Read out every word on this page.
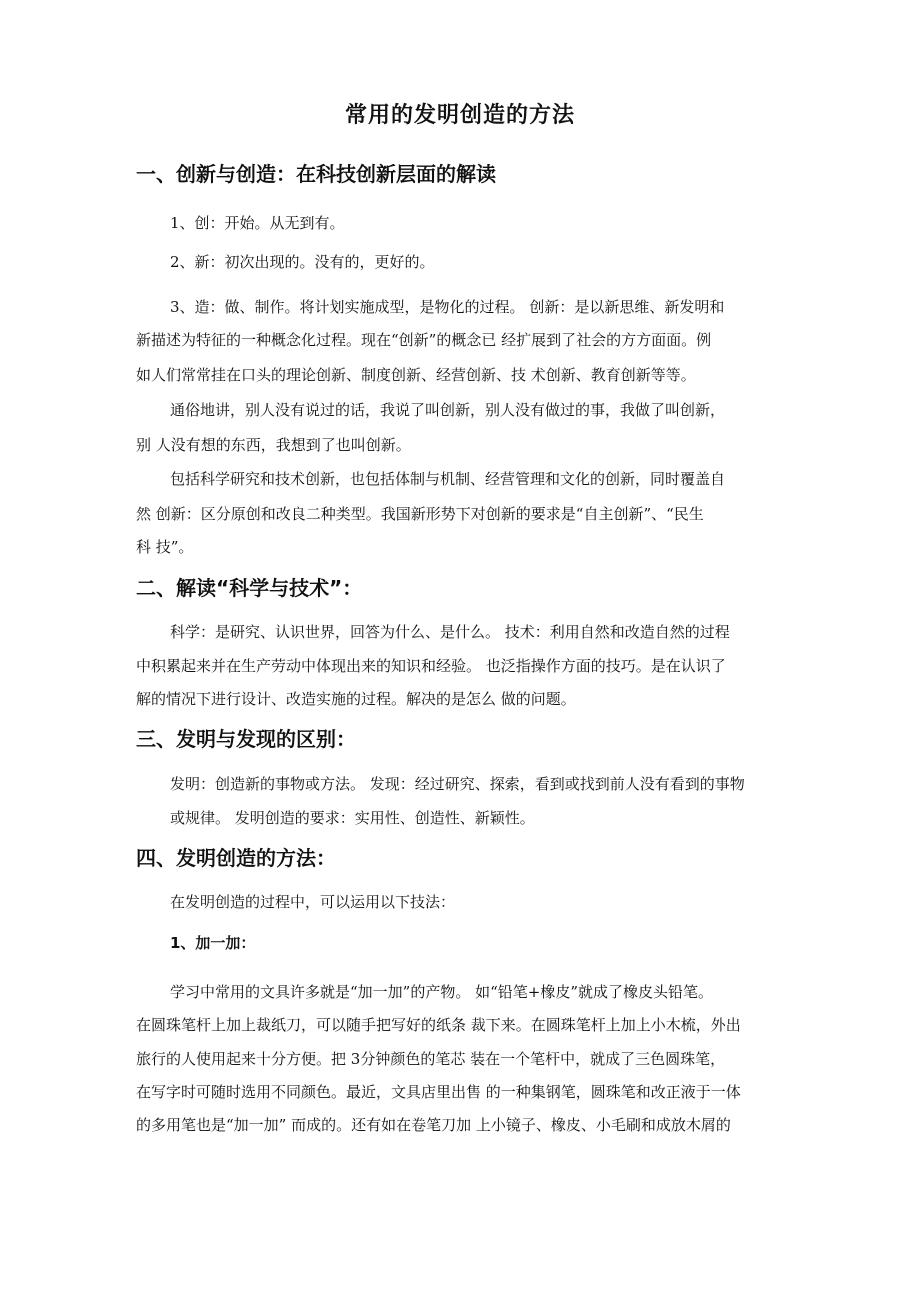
常用的发明创造的方法
一、创新与创造：在科技创新层面的解读
1、创：开始。从无到有。
2、新：初次出现的。没有的，更好的。
3、造：做、制作。将计划实施成型，是物化的过程。 创新：是以新思维、新发明和
新描述为特征的一种概念化过程。现在“创新”的概念已 经扩展到了社会的方方面面。例
如人们常常挂在口头的理论创新、制度创新、经营创新、技 术创新、教育创新等等。
通俗地讲，别人没有说过的话，我说了叫创新，别人没有做过的事，我做了叫创新，
别 人没有想的东西，我想到了也叫创新。
包括科学研究和技术创新，也包括体制与机制、经营管理和文化的创新，同时覆盖自
然 创新：区分原创和改良二种类型。我国新形势下对创新的要求是“自主创新”、“民生
科 技”。
二、解读“科学与技术”：
科学：是研究、认识世界，回答为什么、是什么。 技术：利用自然和改造自然的过程
中积累起来并在生产劳动中体现出来的知识和经验。 也泛指操作方面的技巧。是在认识了
解的情况下进行设计、改造实施的过程。解决的是怎么 做的问题。
三、发明与发现的区别：
发明：创造新的事物或方法。 发现：经过研究、探索，看到或找到前人没有看到的事物
或规律。 发明创造的要求：实用性、创造性、新颖性。
四、发明创造的方法：
在发明创造的过程中，可以运用以下技法：
1、加一加：
学习中常用的文具许多就是“加一加”的产物。 如“铅笔+橡皮”就成了橡皮头铅笔。
在圆珠笔杆上加上裁纸刀，可以随手把写好的纸条 裁下来。在圆珠笔杆上加上小木梳，外出
旅行的人使用起来十分方便。把 3分钟颜色的笔芯 装在一个笔杆中，就成了三色圆珠笔，
在写字时可随时选用不同颜色。最近，文具店里出售 的一种集钢笔，圆珠笔和改正液于一体
的多用笔也是“加一加” 而成的。还有如在卷笔刀加 上小镜子、橡皮、小毛刷和成放木屑的
